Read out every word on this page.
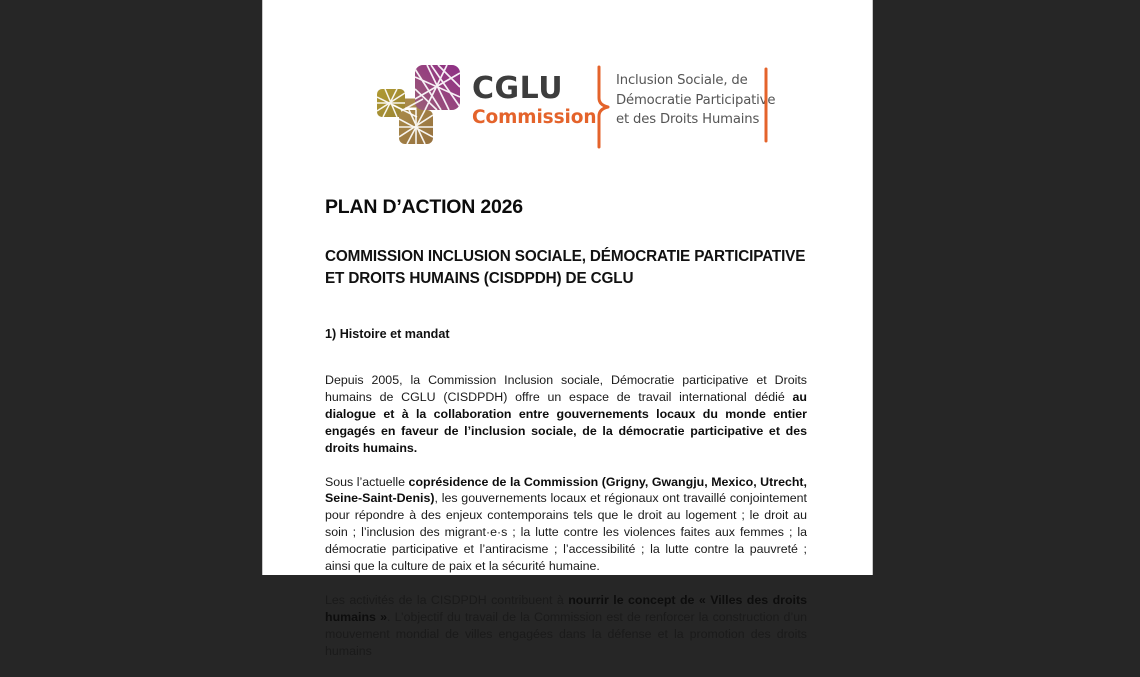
CGLU
Commission
Inclusion Sociale, de
Démocratie Participative
et des Droits Humains
PLAN D’ACTION 2026
COMMISSION INCLUSION SOCIALE, DÉMOCRATIE PARTICIPATIVE ET DROITS HUMAINS (CISDPDH) DE CGLU
1) Histoire et mandat
Depuis 2005, la Commission Inclusion sociale, Démocratie participative et Droits humains de CGLU (CISDPDH) offre un espace de travail international dédié au dialogue et à la collaboration entre gouvernements locaux du monde entier engagés en faveur de l’inclusion sociale, de la démocratie participative et des droits humains.
Sous l’actuelle coprésidence de la Commission (Grigny, Gwangju, Mexico, Utrecht, Seine-Saint-Denis), les gouvernements locaux et régionaux ont travaillé conjointement pour répondre à des enjeux contemporains tels que le droit au logement ; le droit au soin ; l’inclusion des migrant·e·s ; la lutte contre les violences faites aux femmes ; la démocratie participative et l’antiracisme ; l’accessibilité ; la lutte contre la pauvreté ; ainsi que la culture de paix et la sécurité humaine.
Les activités de la CISDPDH contribuent à nourrir le concept de « Villes des droits humains ». L’objectif du travail de la Commission est de renforcer la construction d’un mouvement mondial de villes engagées dans la défense et la promotion des droits humains
